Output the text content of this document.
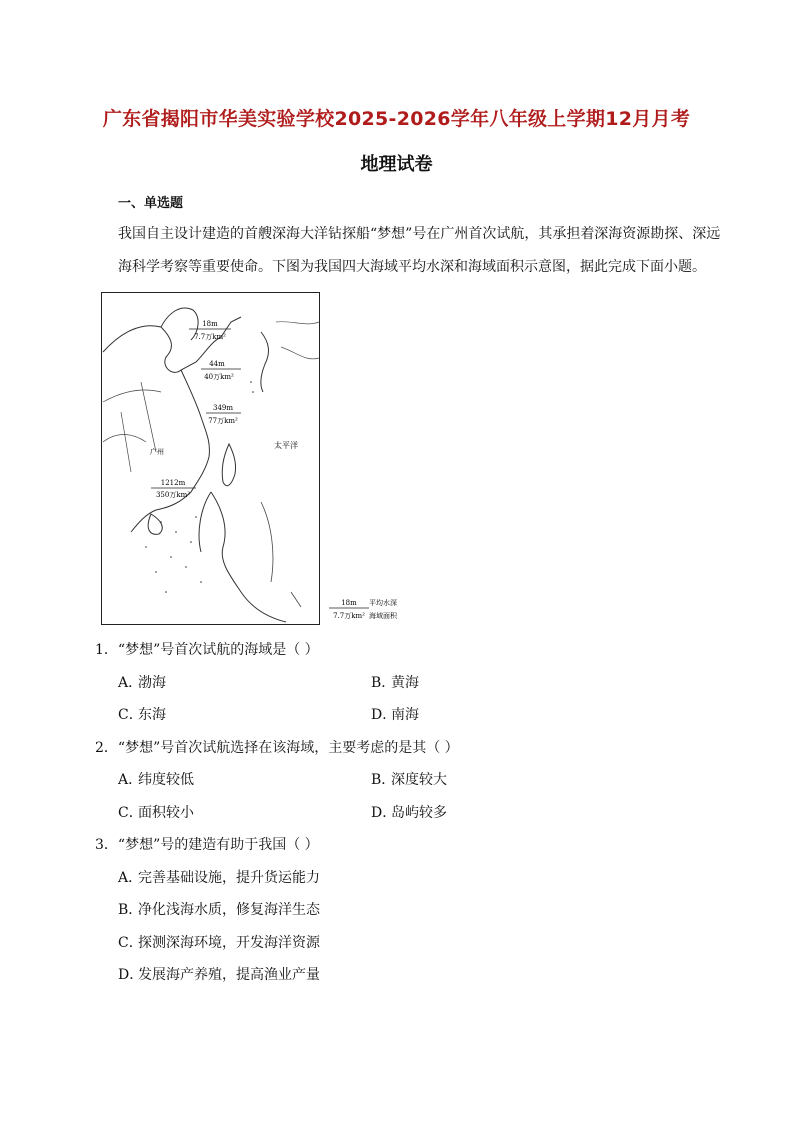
广东省揭阳市华美实验学校2025-2026学年八年级上学期12月月考
地理试卷
一、单选题
我国自主设计建造的首艘深海大洋钻探船“梦想”号在广州首次试航，其承担着深海资源勘探、深远
海科学考察等重要使命。下图为我国四大海域平均水深和海域面积示意图，据此完成下面小题。
18m
7.7万km²
44m
40万km²
349m
77万km²
1212m
350万km²
太平洋
广州
18m
7.7万km²
平均水深
海域面积
1．“梦想”号首次试航的海域是（ ）
A．渤海	B．黄海
C．东海	D．南海
2．“梦想”号首次试航选择在该海域，主要考虑的是其（ ）
A．纬度较低	B．深度较大
C．面积较小	D．岛屿较多
3．“梦想”号的建造有助于我国（ ）
A．完善基础设施，提升货运能力
B．净化浅海水质，修复海洋生态
C．探测深海环境，开发海洋资源
D．发展海产养殖，提高渔业产量
